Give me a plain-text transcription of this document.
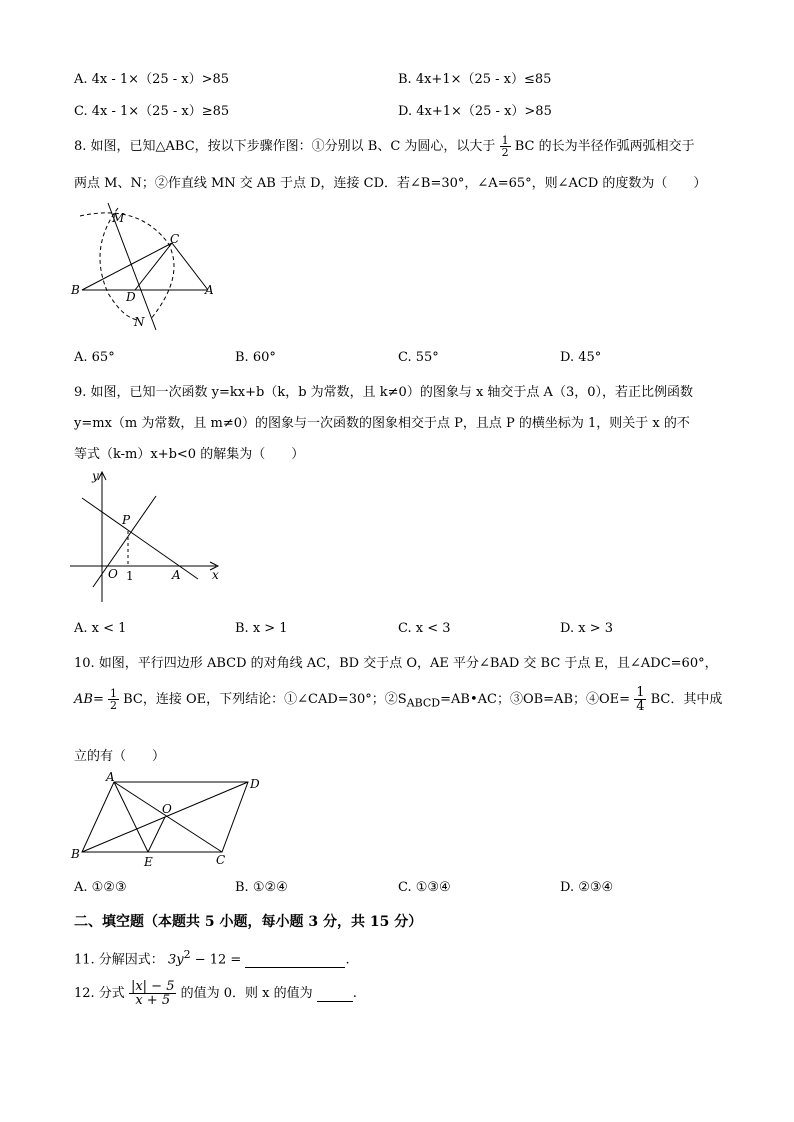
A. 4x - 1×（25 - x）>85	B. 4x+1×（25 - x）≤85
C. 4x - 1×（25 - x）≥85	D. 4x+1×（25 - x）>85
8. 如图，已知△ABC，按以下步骤作图：①分别以 B、C 为圆心，以大于 $\frac{1}{2}$ BC 的长为半径作弧两弧相交于
两点 M、N；②作直线 MN 交 AB 于点 D，连接 CD．若∠B=30°，∠A=65°，则∠ACD 的度数为（　　）
M
C
B	D	A
N
A. 65°	B. 60°	C. 55°	D. 45°
9. 如图，已知一次函数 y=kx+b（k，b 为常数，且 k≠0）的图象与 x 轴交于点 A（3，0），若正比例函数
y=mx（m 为常数，且 m≠0）的图象与一次函数的图象相交于点 P，且点 P 的横坐标为 1，则关于 x 的不
等式（k-m）x+b<0 的解集为（　　）
y
P
O 1	A	x
A. x < 1	B. x > 1	C. x < 3	D. x > 3
10. 如图，平行四边形 ABCD 的对角线 AC，BD 交于点 O，AE 平分∠BAD 交 BC 于点 E，且∠ADC=60°，
$AB= \frac{1}{2}$ BC，连接 OE，下列结论：①∠CAD=30°；$②S_{ABCD}=AB•AC$；③OB=AB；④OE= $\frac{1}{4}$ BC．其中成
立的有（　　）
A	D
O
B
E	C
A. ①②③	B. ①②④	C. ①③④	D. ②③④
二、填空题（本题共 5 小题，每小题 3 分，共 15 分）
11. 分解因式： $3y^2 - 12$ =	.
12. 分式 $\frac{|x| - 5}{x + 5}$ 的值为 0．则 x 的值为	.
